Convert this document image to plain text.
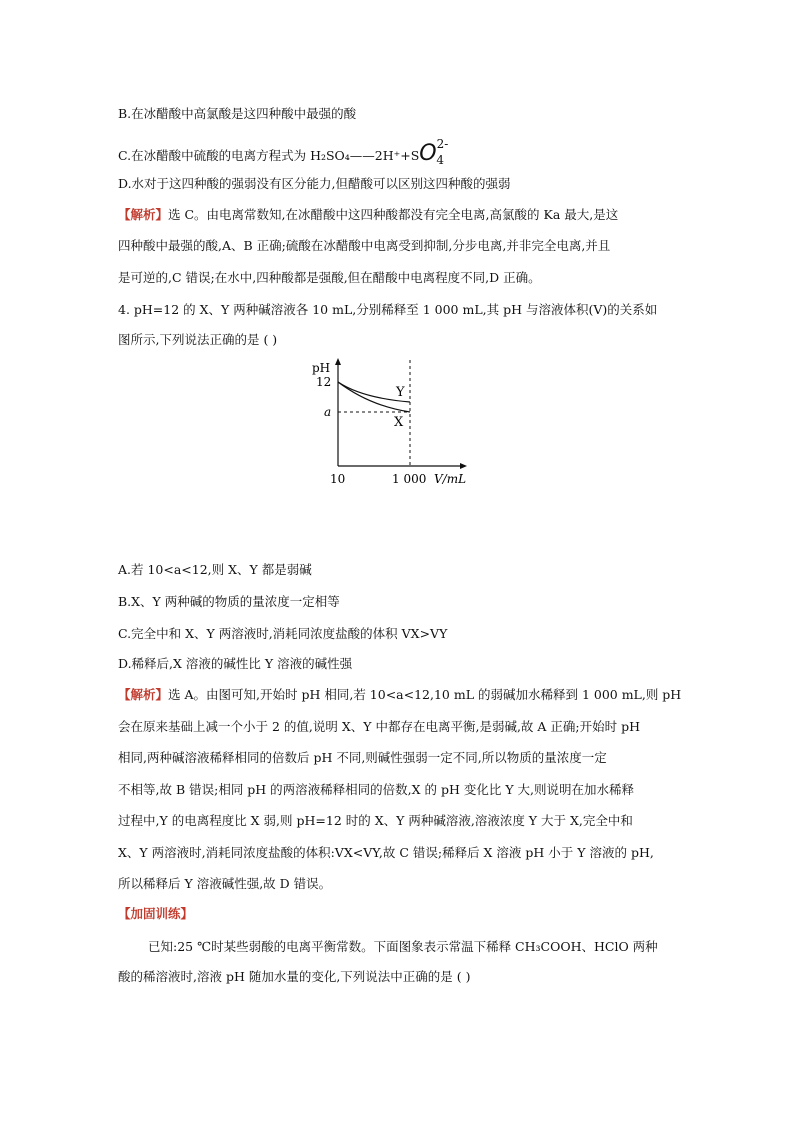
B.在冰醋酸中高氯酸是这四种酸中最强的酸
C.在冰醋酸中硫酸的电离方程式为 H₂SO₄——2H⁺+SO2-4
D.水对于这四种酸的强弱没有区分能力,但醋酸可以区别这四种酸的强弱
【解析】选 C。由电离常数知,在冰醋酸中这四种酸都没有完全电离,高氯酸的 Ka 最大,是这
四种酸中最强的酸,A、B 正确;硫酸在冰醋酸中电离受到抑制,分步电离,并非完全电离,并且
是可逆的,C 错误;在水中,四种酸都是强酸,但在醋酸中电离程度不同,D 正确。
4. pH=12 的 X、Y 两种碱溶液各 10 mL,分别稀释至 1 000 mL,其 pH 与溶液体积(V)的关系如
图所示,下列说法正确的是 ( )
pH
V/mL
12
a
10	1 000
Y
X
A.若 10<a<12,则 X、Y 都是弱碱
B.X、Y 两种碱的物质的量浓度一定相等
C.完全中和 X、Y 两溶液时,消耗同浓度盐酸的体积 VX>VY
D.稀释后,X 溶液的碱性比 Y 溶液的碱性强
【解析】选 A。由图可知,开始时 pH 相同,若 10<a<12,10 mL 的弱碱加水稀释到 1 000 mL,则 pH
会在原来基础上减一个小于 2 的值,说明 X、Y 中都存在电离平衡,是弱碱,故 A 正确;开始时 pH
相同,两种碱溶液稀释相同的倍数后 pH 不同,则碱性强弱一定不同,所以物质的量浓度一定
不相等,故 B 错误;相同 pH 的两溶液稀释相同的倍数,X 的 pH 变化比 Y 大,则说明在加水稀释
过程中,Y 的电离程度比 X 弱,则 pH=12 时的 X、Y 两种碱溶液,溶液浓度 Y 大于 X,完全中和
X、Y 两溶液时,消耗同浓度盐酸的体积:VX<VY,故 C 错误;稀释后 X 溶液 pH 小于 Y 溶液的 pH,
所以稀释后 Y 溶液碱性强,故 D 错误。
【加固训练】
已知:25 ℃时某些弱酸的电离平衡常数。下面图象表示常温下稀释 CH₃COOH、HClO 两种
酸的稀溶液时,溶液 pH 随加水量的变化,下列说法中正确的是 ( )
